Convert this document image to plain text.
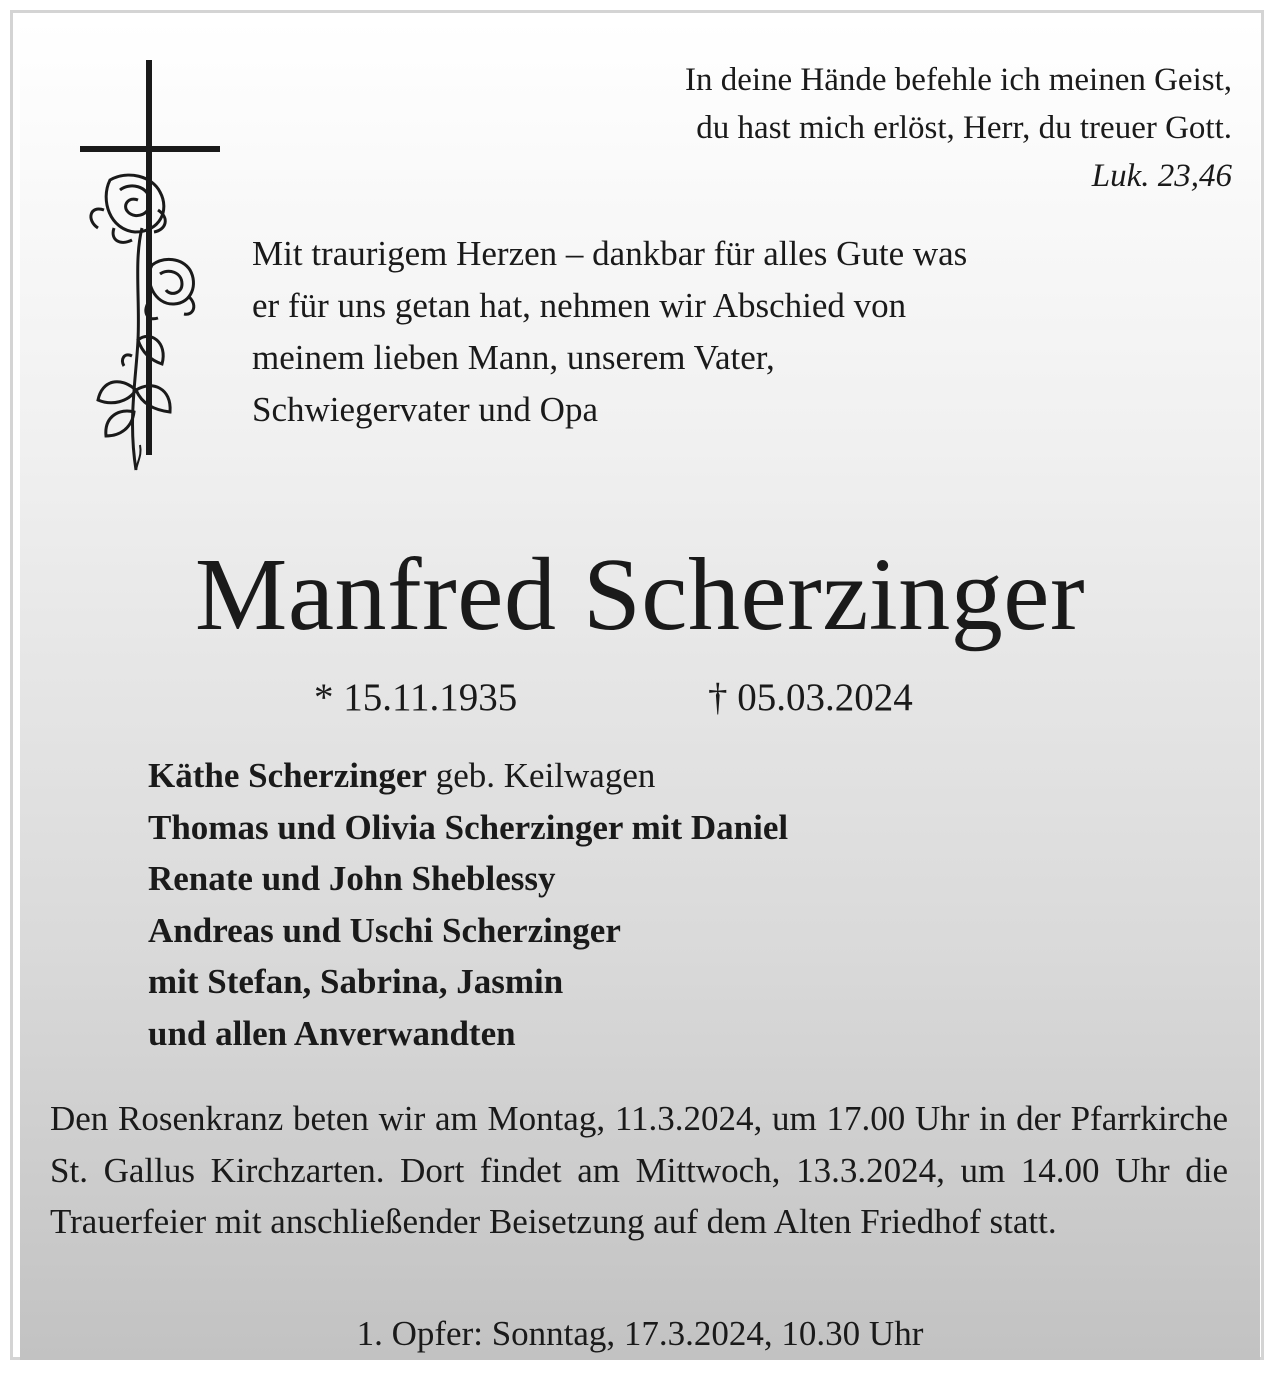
In deine Hände befehle ich meinen Geist,
du hast mich erlöst, Herr, du treuer Gott.
Luk. 23,46
Mit traurigem Herzen – dankbar für alles Gute was
er für uns getan hat, nehmen wir Abschied von
meinem lieben Mann, unserem Vater,
Schwiegervater und Opa
Manfred Scherzinger
* 15.11.1935	† 05.03.2024
Käthe Scherzinger geb. Keilwagen
Thomas und Olivia Scherzinger mit Daniel
Renate und John Sheblessy
Andreas und Uschi Scherzinger
mit Stefan, Sabrina, Jasmin
und allen Anverwandten
Den Rosenkranz beten wir am Montag, 11.3.2024, um 17.00 Uhr in der Pfarrkirche St. Gallus Kirchzarten. Dort findet am Mittwoch, 13.3.2024, um 14.00 Uhr die Trauerfeier mit anschließender Beisetzung auf dem Alten Friedhof statt.
1. Opfer: Sonntag, 17.3.2024, 10.30 Uhr
